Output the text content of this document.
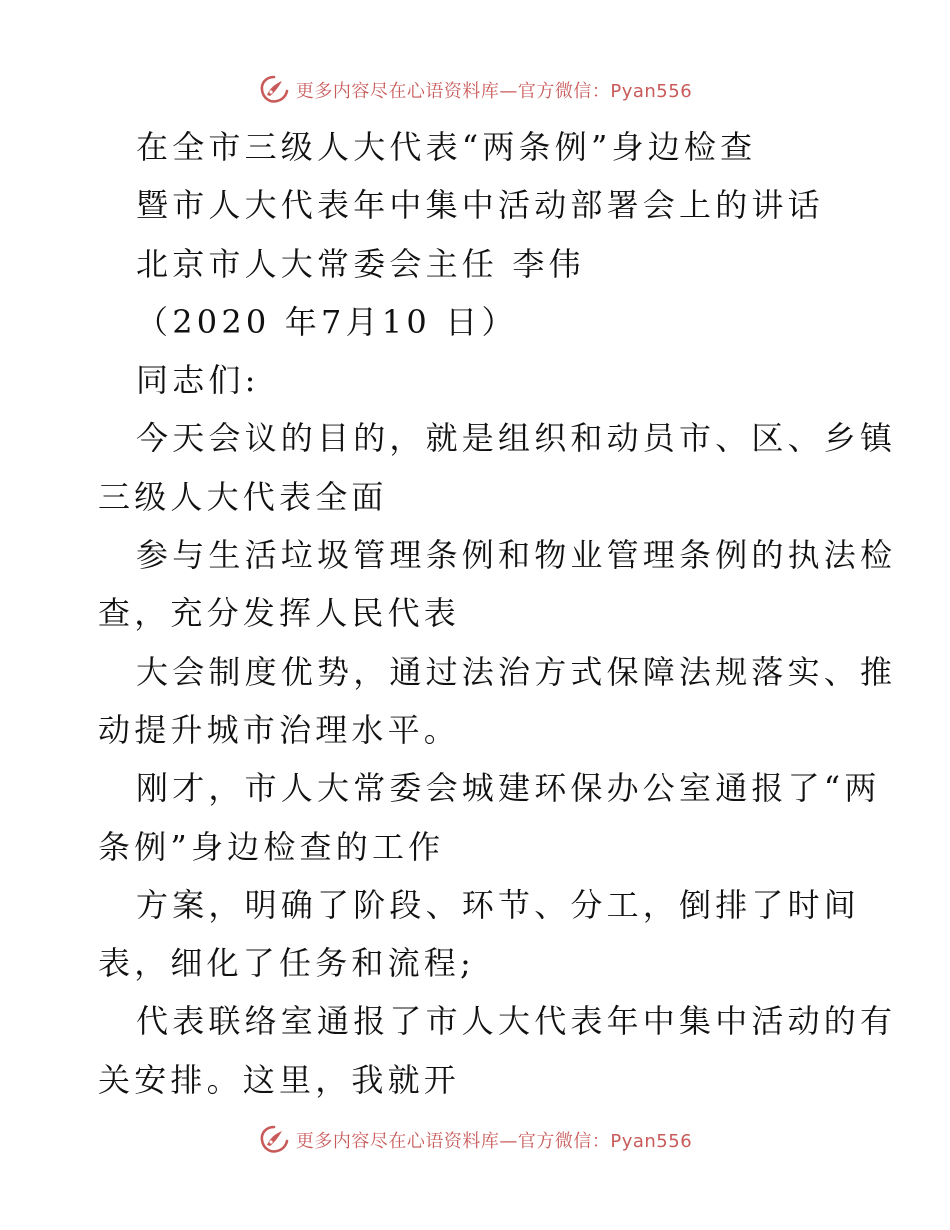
更多内容尽在心语资料库—官方微信：Pyan556
在全市三级人大代表“两条例”身边检查
暨市人大代表年中集中活动部署会上的讲话
北京市人大常委会主任 李伟
（2020 年7月10 日）
同志们:
今天会议的目的，就是组织和动员市、区、乡镇
三级人大代表全面
参与生活垃圾管理条例和物业管理条例的执法检
查，充分发挥人民代表
大会制度优势，通过法治方式保障法规落实、推
动提升城市治理水平。
刚才，市人大常委会城建环保办公室通报了“两
条例”身边检查的工作
方案，明确了阶段、环节、分工，倒排了时间
表，细化了任务和流程;
代表联络室通报了市人大代表年中集中活动的有
关安排。这里，我就开
更多内容尽在心语资料库—官方微信：Pyan556
